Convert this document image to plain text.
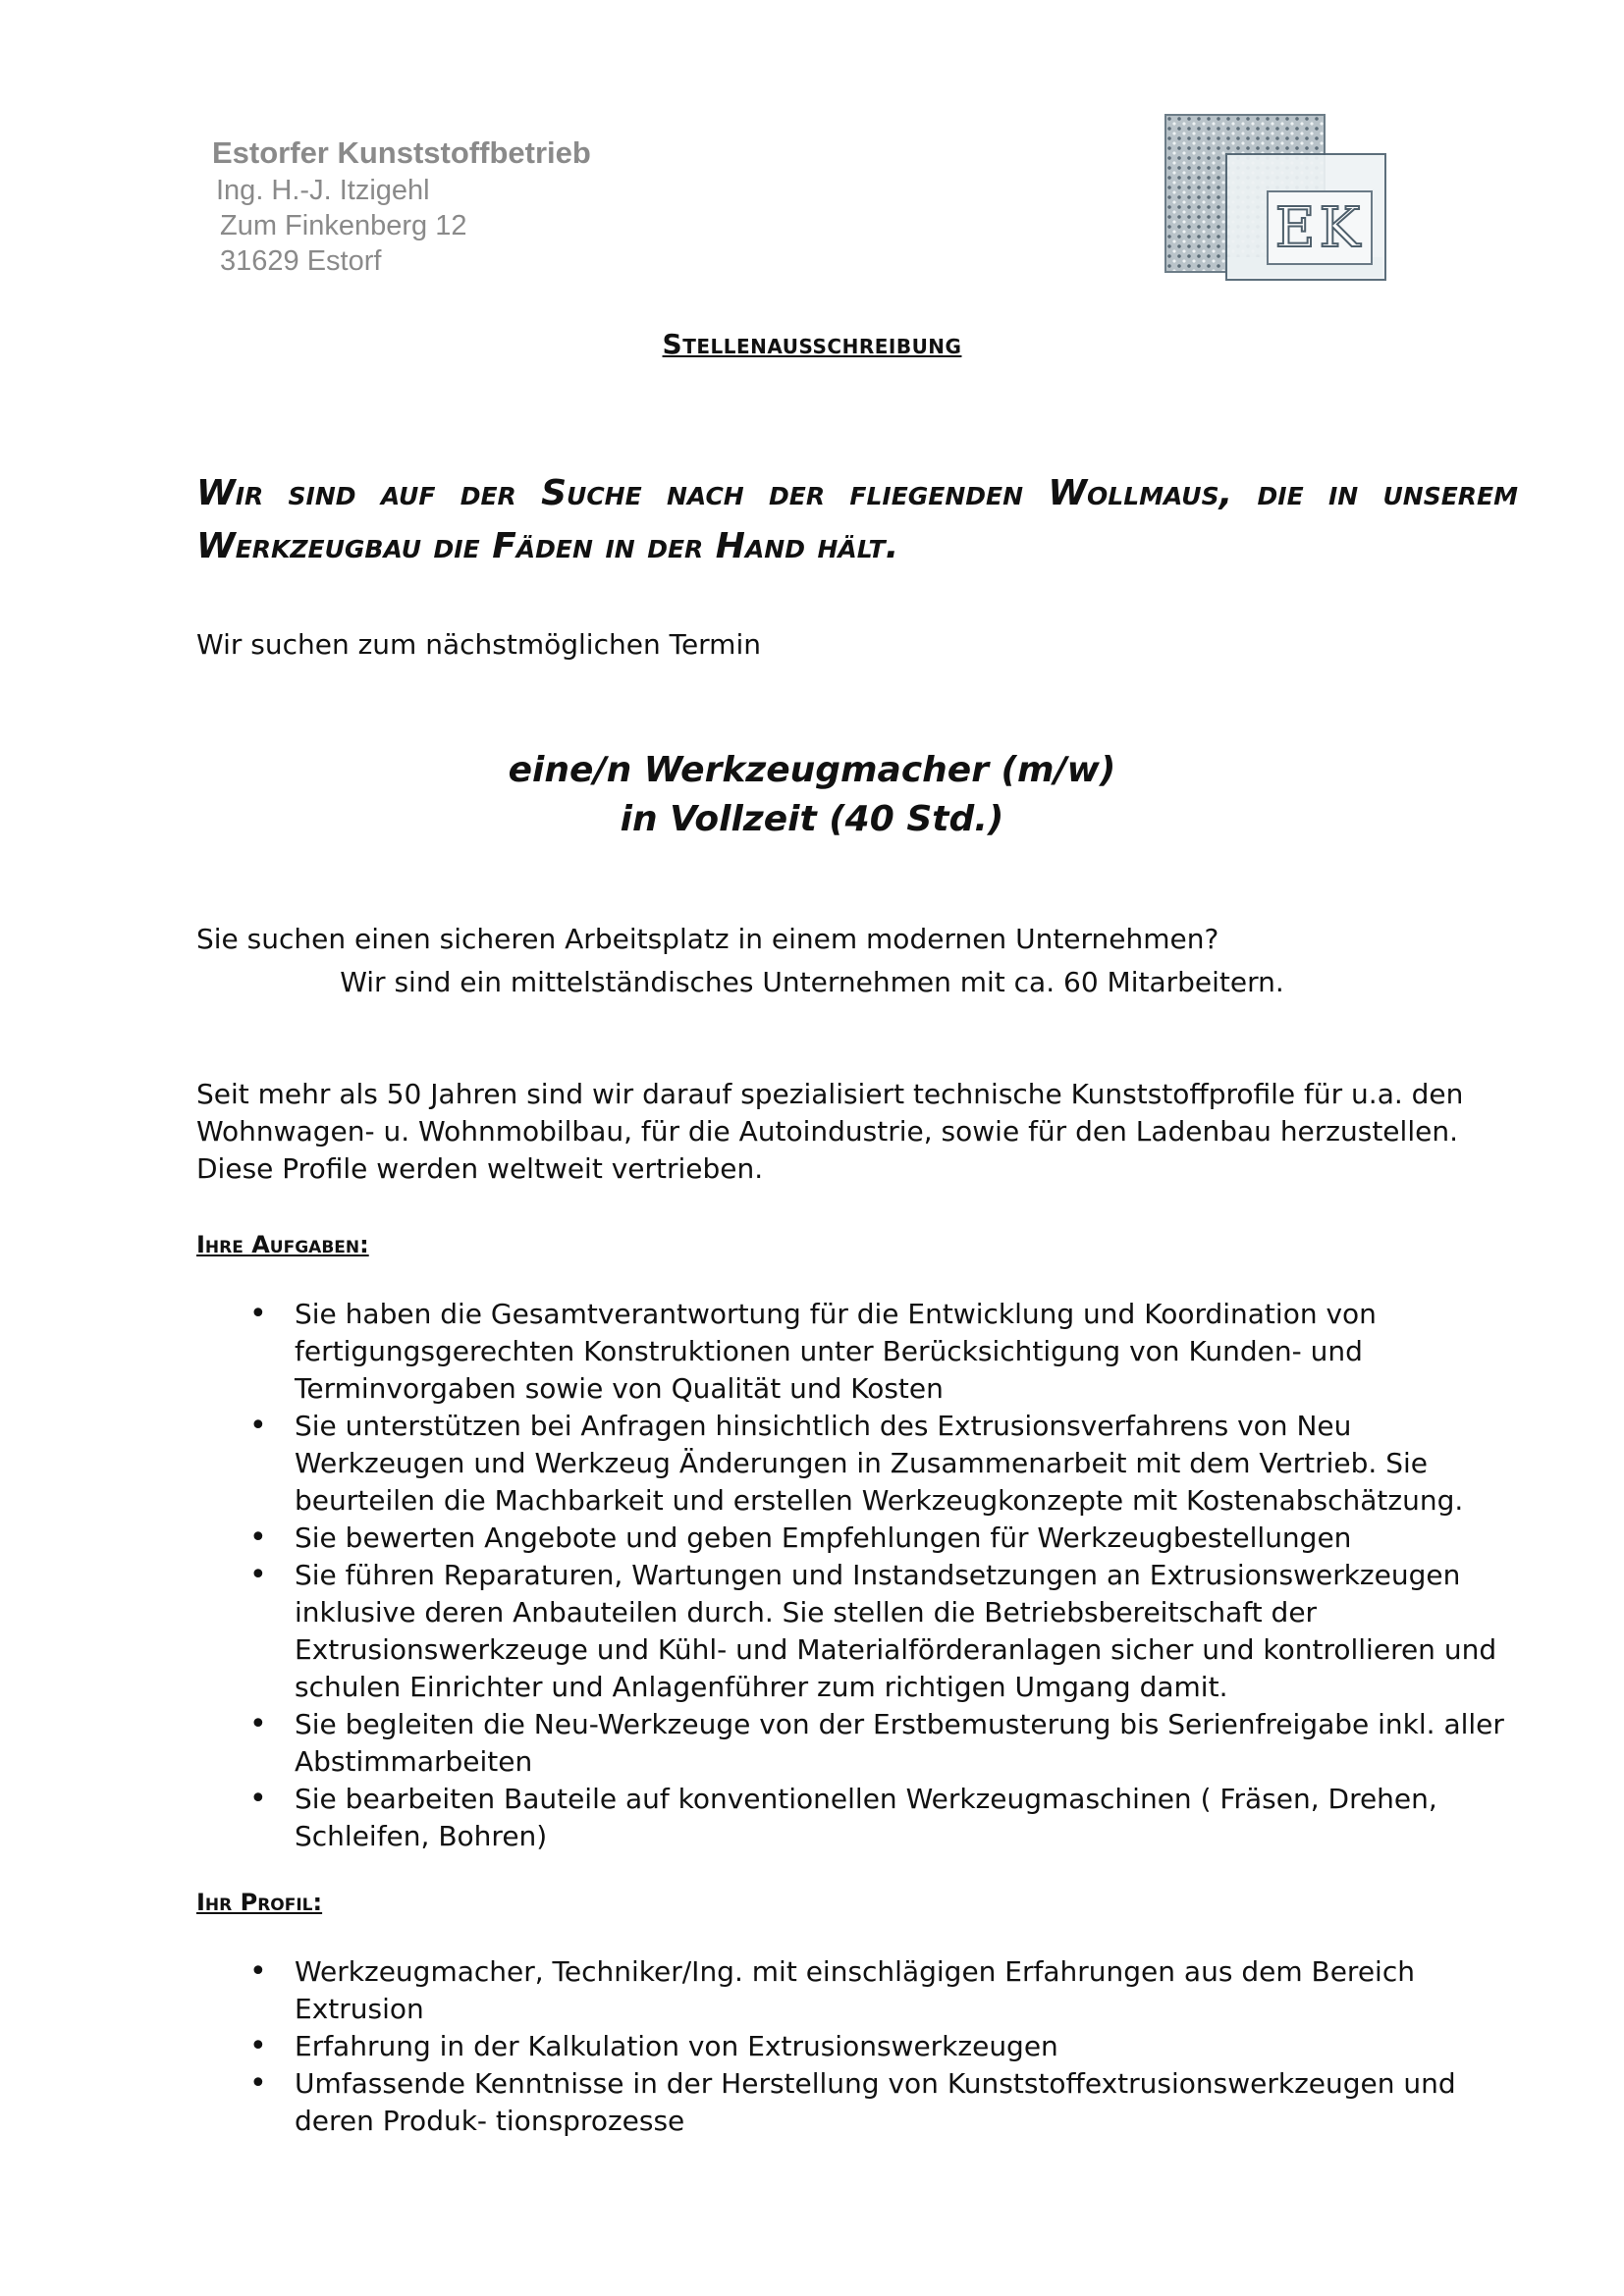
Estorfer Kunststoffbetrieb
Ing. H.-J. Itzigehl
Zum Finkenberg 12
31629 Estorf
EK
Stellenausschreibung
Wir sind auf der Suche nach der fliegenden Wollmaus, die in unserem Werkzeugbau die Fäden in der Hand hält.
Wir suchen zum nächstmöglichen Termin
eine/n Werkzeugmacher (m/w)
in Vollzeit (40 Std.)
Sie suchen einen sicheren Arbeitsplatz in einem modernen Unternehmen?
Wir sind ein mittelständisches Unternehmen mit ca. 60 Mitarbeitern.
Seit mehr als 50 Jahren sind wir darauf spezialisiert technische Kunststoffprofile für u.a. den Wohnwagen- u. Wohnmobilbau, für die Autoindustrie, sowie für den Ladenbau herzustellen. Diese Profile werden weltweit vertrieben.
Ihre Aufgaben:
• Sie haben die Gesamtverantwortung für die Entwicklung und Koordination von fertigungsgerechten Konstruktionen unter Berücksichtigung von Kunden- und Terminvorgaben sowie von Qualität und Kosten
• Sie unterstützen bei Anfragen hinsichtlich des Extrusionsverfahrens von Neu Werkzeugen und Werkzeug Änderungen in Zusammenarbeit mit dem Vertrieb. Sie beurteilen die Machbarkeit und erstellen Werkzeugkonzepte mit Kostenabschätzung.
• Sie bewerten Angebote und geben Empfehlungen für Werkzeugbestellungen
• Sie führen Reparaturen, Wartungen und Instandsetzungen an Extrusionswerkzeugen inklusive deren Anbauteilen durch. Sie stellen die Betriebsbereitschaft der Extrusionswerkzeuge und Kühl- und Materialförderanlagen sicher und kontrollieren und schulen Einrichter und Anlagenführer zum richtigen Umgang damit.
• Sie begleiten die Neu-Werkzeuge von der Erstbemusterung bis Serienfreigabe inkl. aller Abstimmarbeiten
• Sie bearbeiten Bauteile auf konventionellen Werkzeugmaschinen ( Fräsen, Drehen, Schleifen, Bohren)
Ihr Profil:
• Werkzeugmacher, Techniker/Ing. mit einschlägigen Erfahrungen aus dem Bereich Extrusion
• Erfahrung in der Kalkulation von Extrusionswerkzeugen
• Umfassende Kenntnisse in der Herstellung von Kunststoffextrusionswerkzeugen und deren Produk- tionsprozesse
